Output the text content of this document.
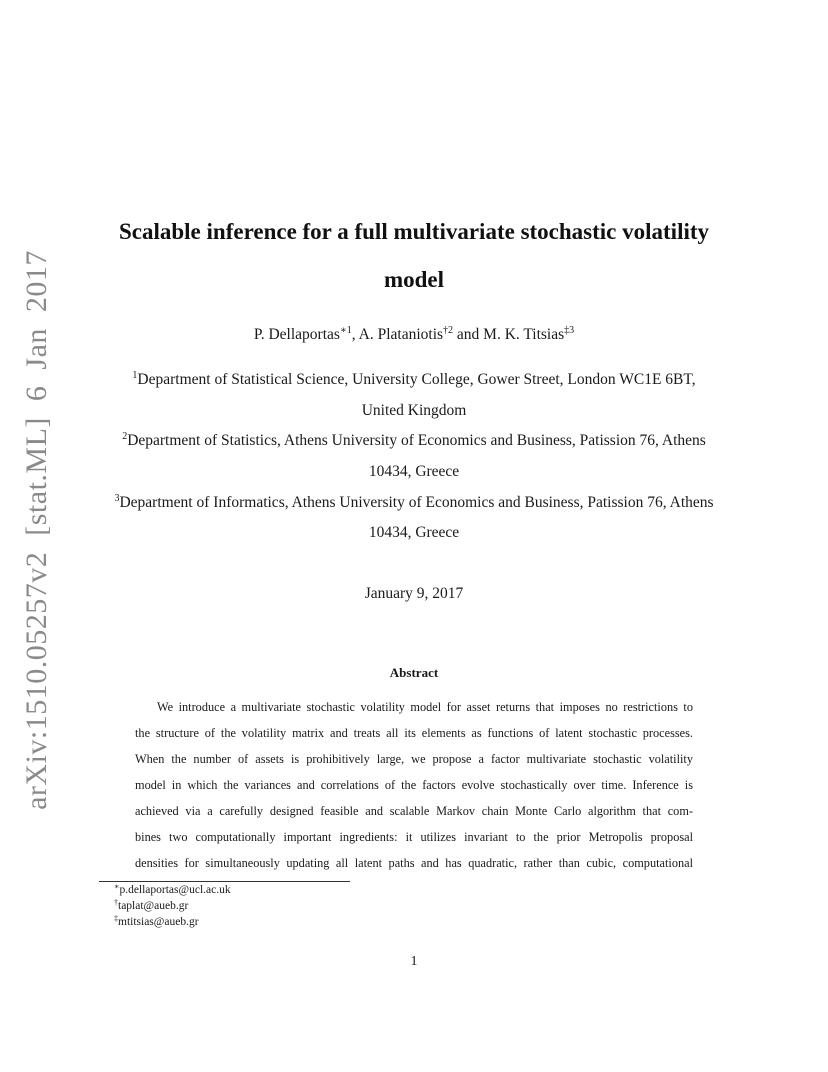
arXiv:1510.05257v2 [stat.ML] 6 Jan 2017
Scalable inference for a full multivariate stochastic volatility
model
P. Dellaportas$^{∗1}$, A. Plataniotis$^{\dagger 2}$ and M. K. Titsias$^{\ddagger 3}$
$^1$Department of Statistical Science, University College, Gower Street, London WC1E 6BT,
United Kingdom
$^2$Department of Statistics, Athens University of Economics and Business, Patission 76, Athens
10434, Greece
$^3$Department of Informatics, Athens University of Economics and Business, Patission 76, Athens
10434, Greece
January 9, 2017
Abstract
We introduce a multivariate stochastic volatility model for asset returns that imposes no restrictions to
the structure of the volatility matrix and treats all its elements as functions of latent stochastic processes.
When the number of assets is prohibitively large, we propose a factor multivariate stochastic volatility
model in which the variances and correlations of the factors evolve stochastically over time. Inference is
achieved via a carefully designed feasible and scalable Markov chain Monte Carlo algorithm that com-
bines two computationally important ingredients: it utilizes invariant to the prior Metropolis proposal
densities for simultaneously updating all latent paths and has quadratic, rather than cubic, computational
∗p.dellaportas@ucl.ac.uk
†taplat@aueb.gr
‡mtitsias@aueb.gr
1
